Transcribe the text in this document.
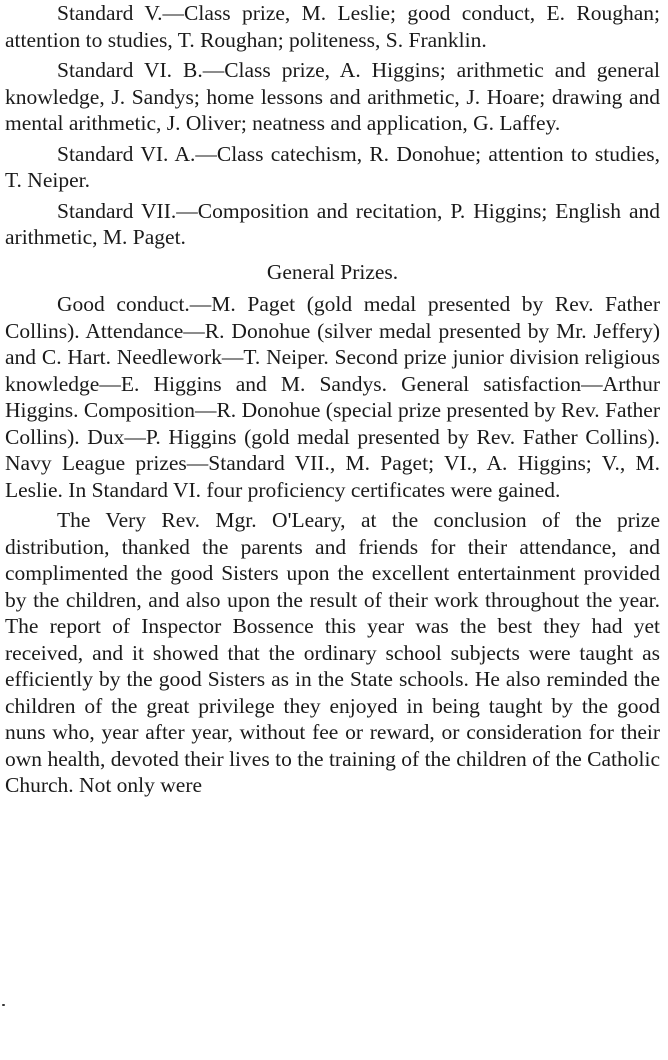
Standard V.—Class prize, M. Leslie; good conduct, E. Roughan; attention to studies, T. Roughan; politeness, S. Franklin.

Standard VI. B.—Class prize, A. Higgins; arithmetic and general knowledge, J. Sandys; home lessons and arithmetic, J. Hoare; drawing and mental arithmetic, J. Oliver; neatness and application, G. Laffey.

Standard VI. A.—Class catechism, R. Donohue; attention to studies, T. Neiper.

Standard VII.—Composition and recitation, P. Higgins; English and arithmetic, M. Paget.

General Prizes.

Good conduct.—M. Paget (gold medal presented by Rev. Father Collins). Attendance—R. Donohue (silver medal presented by Mr. Jeffery) and C. Hart. Needlework—T. Neiper. Second prize junior division religious knowledge—E. Higgins and M. Sandys. General satisfaction—Arthur Higgins. Composition—R. Donohue (special prize presented by Rev. Father Collins). Dux—P. Higgins (gold medal presented by Rev. Father Collins). Navy League prizes—Standard VII., M. Paget; VI., A. Higgins; V., M. Leslie. In Standard VI. four proficiency certificates were gained.

The Very Rev. Mgr. O'Leary, at the conclusion of the prize distribution, thanked the parents and friends for their attendance, and complimented the good Sisters upon the excellent entertainment provided by the children, and also upon the result of their work throughout the year. The report of Inspector Bossence this year was the best they had yet received, and it showed that the ordinary school subjects were taught as efficiently by the good Sisters as in the State schools. He also reminded the children of the great privilege they enjoyed in being taught by the good nuns who, year after year, without fee or reward, or consideration for their own health, devoted their lives to the training of the children of the Catholic Church. Not only were
